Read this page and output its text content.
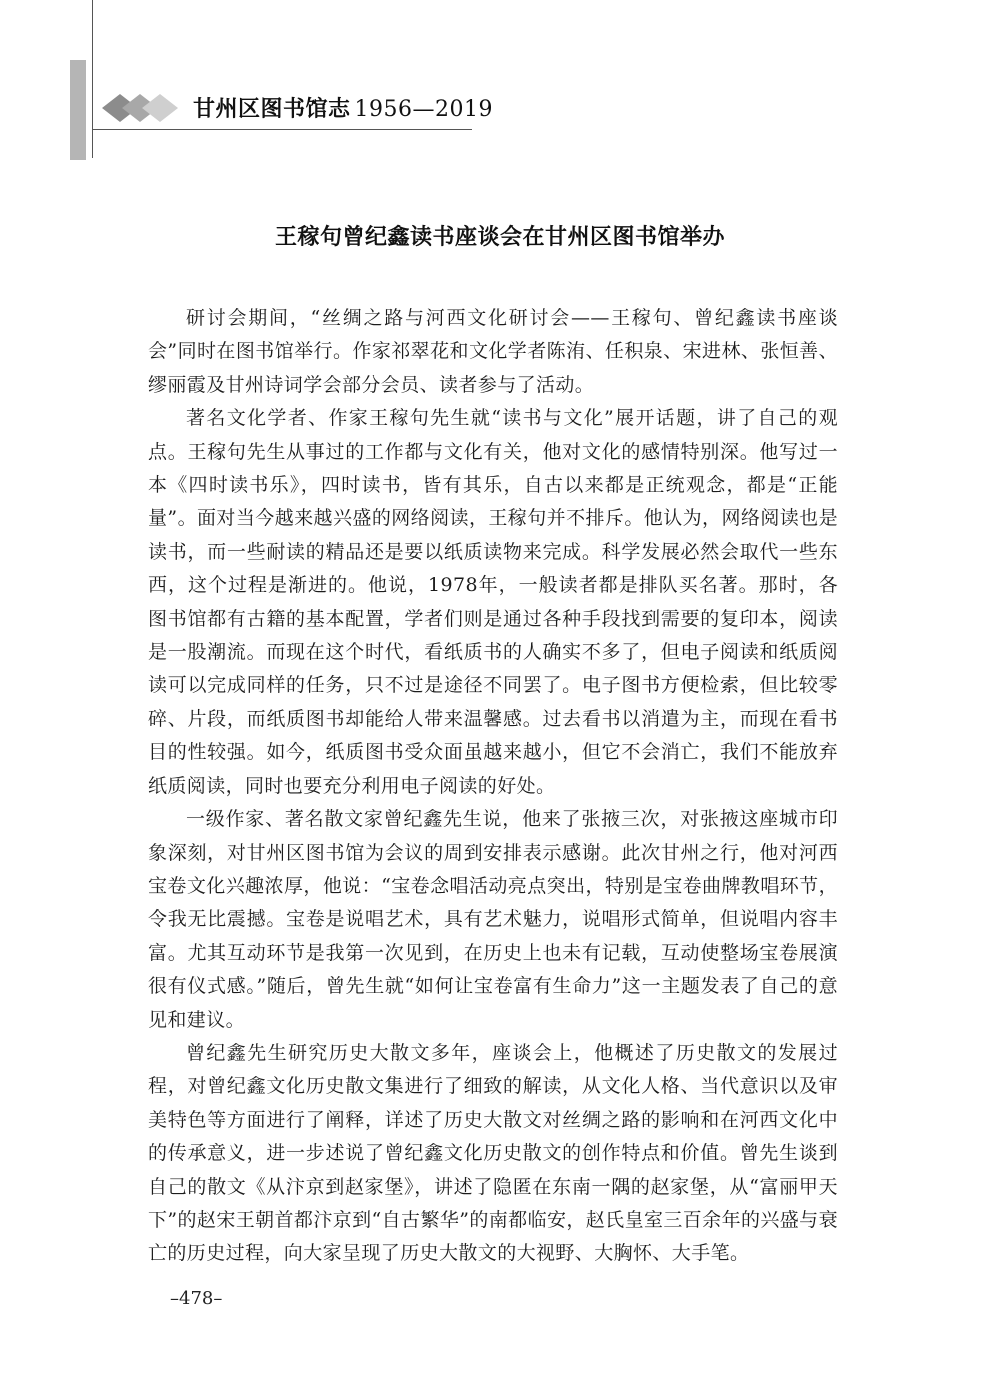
甘州区图书馆志 1956—2019
王稼句曾纪鑫读书座谈会在甘州区图书馆举办

研讨会期间，“丝绸之路与河西文化研讨会——王稼句、曾纪鑫读书座谈会”同时在图书馆举行。作家祁翠花和文化学者陈洧、任积泉、宋进林、张恒善、缪丽霞及甘州诗词学会部分会员、读者参与了活动。

著名文化学者、作家王稼句先生就“读书与文化”展开话题，讲了自己的观点。王稼句先生从事过的工作都与文化有关，他对文化的感情特别深。他写过一本《四时读书乐》，四时读书，皆有其乐，自古以来都是正统观念，都是“正能量”。面对当今越来越兴盛的网络阅读，王稼句并不排斥。他认为，网络阅读也是读书，而一些耐读的精品还是要以纸质读物来完成。科学发展必然会取代一些东西，这个过程是渐进的。他说，1978年，一般读者都是排队买名著。那时，各图书馆都有古籍的基本配置，学者们则是通过各种手段找到需要的复印本，阅读是一股潮流。而现在这个时代，看纸质书的人确实不多了，但电子阅读和纸质阅读可以完成同样的任务，只不过是途径不同罢了。电子图书方便检索，但比较零碎、片段，而纸质图书却能给人带来温馨感。过去看书以消遣为主，而现在看书目的性较强。如今，纸质图书受众面虽越来越小，但它不会消亡，我们不能放弃纸质阅读，同时也要充分利用电子阅读的好处。

一级作家、著名散文家曾纪鑫先生说，他来了张掖三次，对张掖这座城市印象深刻，对甘州区图书馆为会议的周到安排表示感谢。此次甘州之行，他对河西宝卷文化兴趣浓厚，他说：“宝卷念唱活动亮点突出，特别是宝卷曲牌教唱环节，令我无比震撼。宝卷是说唱艺术，具有艺术魅力，说唱形式简单，但说唱内容丰富。尤其互动环节是我第一次见到，在历史上也未有记载，互动使整场宝卷展演很有仪式感。”随后，曾先生就“如何让宝卷富有生命力”这一主题发表了自己的意见和建议。

曾纪鑫先生研究历史大散文多年，座谈会上，他概述了历史散文的发展过程，对曾纪鑫文化历史散文集进行了细致的解读，从文化人格、当代意识以及审美特色等方面进行了阐释，详述了历史大散文对丝绸之路的影响和在河西文化中的传承意义，进一步述说了曾纪鑫文化历史散文的创作特点和价值。曾先生谈到自己的散文《从汴京到赵家堡》，讲述了隐匿在东南一隅的赵家堡，从“富丽甲天下”的赵宋王朝首都汴京到“自古繁华”的南都临安，赵氏皇室三百余年的兴盛与衰亡的历史过程，向大家呈现了历史大散文的大视野、大胸怀、大手笔。

–478–
